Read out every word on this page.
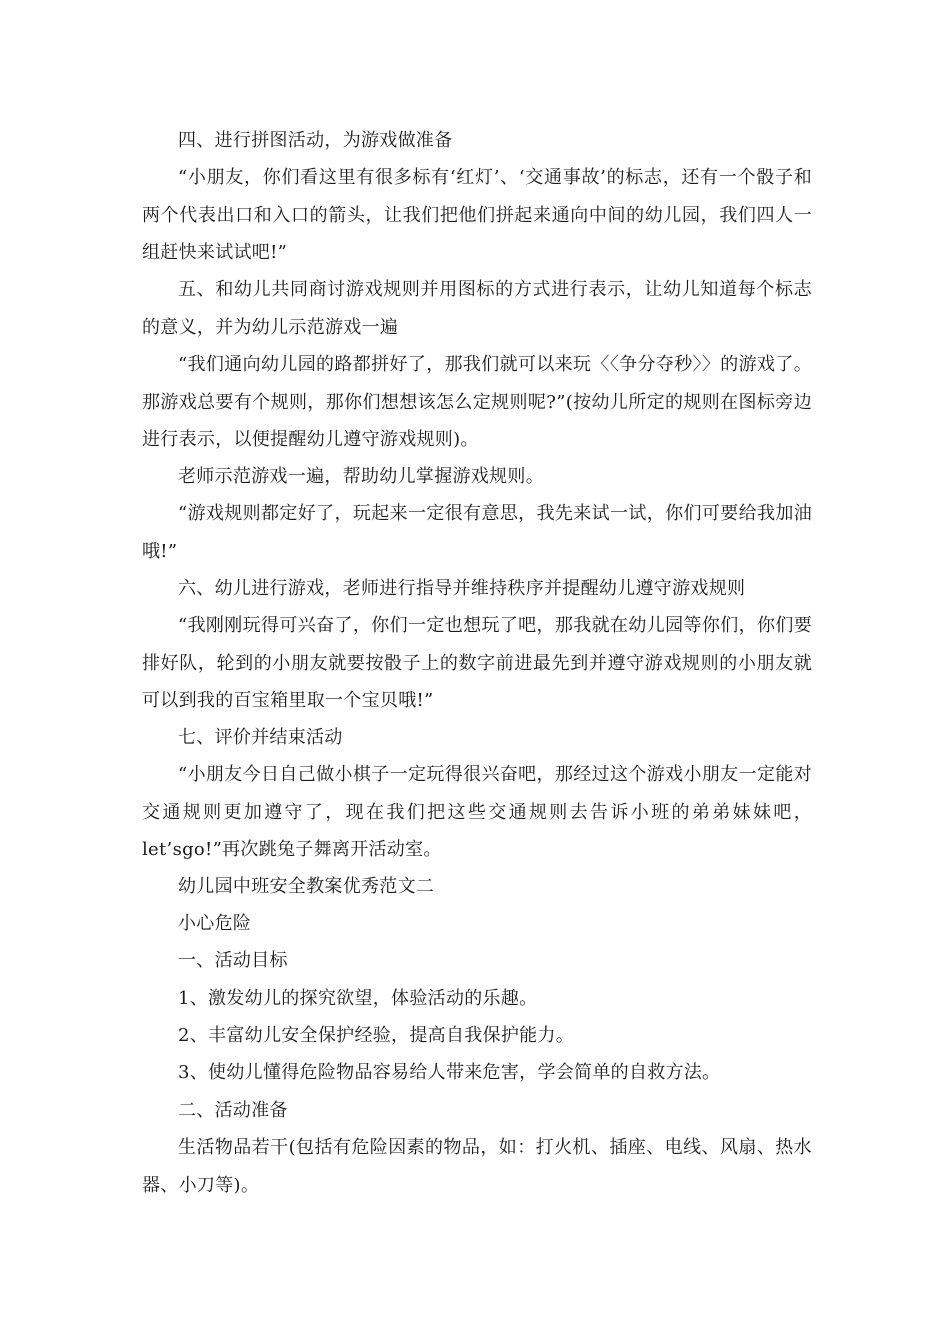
四、进行拼图活动，为游戏做准备

“小朋友，你们看这里有很多标有‘红灯’、‘交通事故’的标志，还有一个骰子和两个代表出口和入口的箭头，让我们把他们拼起来通向中间的幼儿园，我们四人一组赶快来试试吧!”

五、和幼儿共同商讨游戏规则并用图标的方式进行表示，让幼儿知道每个标志的意义，并为幼儿示范游戏一遍

“我们通向幼儿园的路都拼好了，那我们就可以来玩〈〈争分夺秒〉〉的游戏了。那游戏总要有个规则，那你们想想该怎么定规则呢?”(按幼儿所定的规则在图标旁边进行表示，以便提醒幼儿遵守游戏规则)。

老师示范游戏一遍，帮助幼儿掌握游戏规则。

“游戏规则都定好了，玩起来一定很有意思，我先来试一试，你们可要给我加油哦!”

六、幼儿进行游戏，老师进行指导并维持秩序并提醒幼儿遵守游戏规则

“我刚刚玩得可兴奋了，你们一定也想玩了吧，那我就在幼儿园等你们，你们要排好队，轮到的小朋友就要按骰子上的数字前进最先到并遵守游戏规则的小朋友就可以到我的百宝箱里取一个宝贝哦!”

七、评价并结束活动

“小朋友今日自己做小棋子一定玩得很兴奋吧，那经过这个游戏小朋友一定能对交通规则更加遵守了，现在我们把这些交通规则去告诉小班的弟弟妹妹吧，let’sgo!”再次跳兔子舞离开活动室。

幼儿园中班安全教案优秀范文二

小心危险

一、活动目标

1、激发幼儿的探究欲望，体验活动的乐趣。

2、丰富幼儿安全保护经验，提高自我保护能力。

3、使幼儿懂得危险物品容易给人带来危害，学会简单的自救方法。

二、活动准备

生活物品若干(包括有危险因素的物品，如：打火机、插座、电线、风扇、热水器、小刀等)。
